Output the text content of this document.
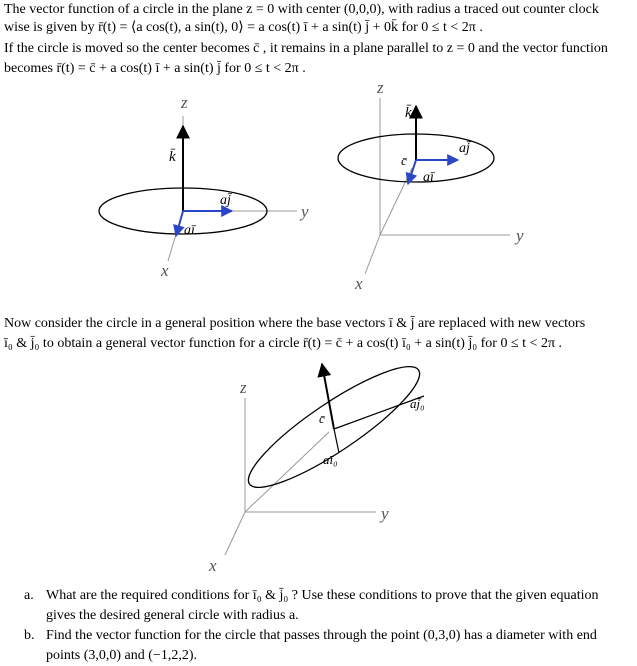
The vector function of a circle in the plane z = 0 with center (0,0,0), with radius a traced out counter clock
wise is given by r̄(t) = ⟨a cos(t), a sin(t), 0⟩ = a cos(t) ī + a sin(t) j̄ + 0k̄ for 0 ≤ t < 2π .
If the circle is moved so the center becomes c̄ , it remains in a plane parallel to z = 0 and the vector function
becomes r̄(t) = c̄ + a cos(t) ī + a sin(t) j̄ for 0 ≤ t < 2π .
z
y
x
k̄
aj̄
aī
z
y
x
k̄
c̄
aj̄
aī
z
y
x
c̄
aj̄₀
aī₀
Now consider the circle in a general position where the base vectors ī & j̄ are replaced with new vectors
ī₀ & j̄₀ to obtain a general vector function for a circle r̄(t) = c̄ + a cos(t) ī₀ + a sin(t) j̄₀ for 0 ≤ t < 2π .
a. What are the required conditions for ī₀ & j̄₀ ? Use these conditions to prove that the given equation
gives the desired general circle with radius a.
b. Find the vector function for the circle that passes through the point (0,3,0) has a diameter with end
points (3,0,0) and (−1,2,2).
